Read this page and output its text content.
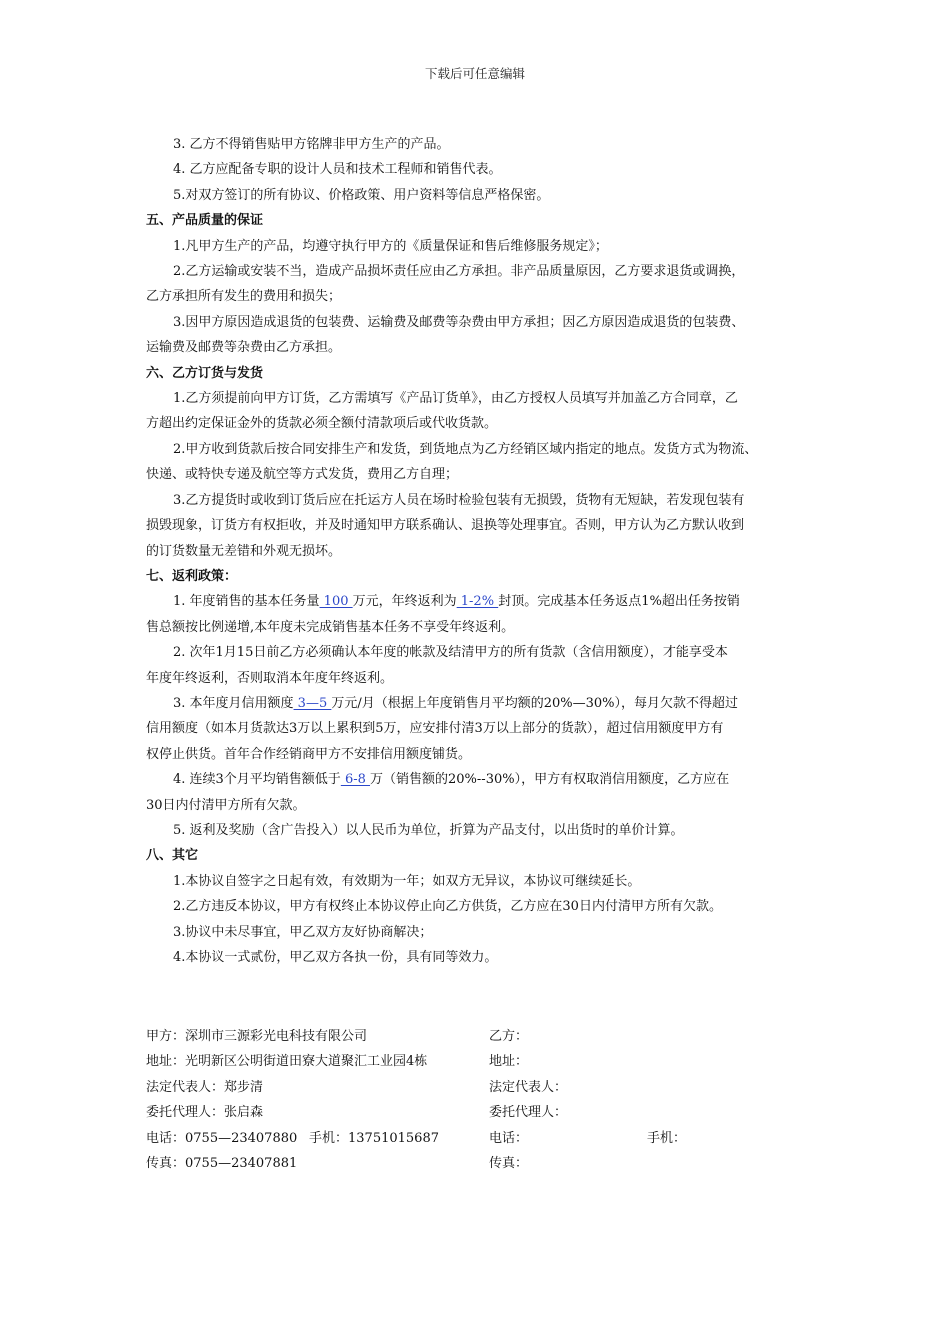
下载后可任意编辑
3. 乙方不得销售贴甲方铭牌非甲方生产的产品。
4. 乙方应配备专职的设计人员和技术工程师和销售代表。
5.对双方签订的所有协议、价格政策、用户资料等信息严格保密。
五、产品质量的保证
1.凡甲方生产的产品，均遵守执行甲方的《质量保证和售后维修服务规定》；
2.乙方运输或安装不当，造成产品损坏责任应由乙方承担。非产品质量原因，乙方要求退货或调换，
乙方承担所有发生的费用和损失；
3.因甲方原因造成退货的包装费、运输费及邮费等杂费由甲方承担；因乙方原因造成退货的包装费、
运输费及邮费等杂费由乙方承担。
六、乙方订货与发货
1.乙方须提前向甲方订货，乙方需填写《产品订货单》，由乙方授权人员填写并加盖乙方合同章，乙
方超出约定保证金外的货款必须全额付清款项后或代收货款。
2.甲方收到货款后按合同安排生产和发货，到货地点为乙方经销区域内指定的地点。发货方式为物流、
快递、或特快专递及航空等方式发货，费用乙方自理；
3.乙方提货时或收到订货后应在托运方人员在场时检验包装有无损毁，货物有无短缺，若发现包装有
损毁现象，订货方有权拒收，并及时通知甲方联系确认、退换等处理事宜。否则，甲方认为乙方默认收到
的订货数量无差错和外观无损坏。
七、返利政策：
1. 年度销售的基本任务量 100 万元，年终返利为 1-2% 封顶。完成基本任务返点1%超出任务按销
售总额按比例递增,本年度未完成销售基本任务不享受年终返利。
2. 次年1月15日前乙方必须确认本年度的帐款及结清甲方的所有货款（含信用额度），才能享受本
年度年终返利，否则取消本年度年终返利。
3. 本年度月信用额度 3—5 万元/月（根据上年度销售月平均额的20%—30%），每月欠款不得超过
信用额度（如本月货款达3万以上累积到5万，应安排付清3万以上部分的货款），超过信用额度甲方有
权停止供货。首年合作经销商甲方不安排信用额度铺货。
4. 连续3个月平均销售额低于 6-8 万（销售额的20%--30%），甲方有权取消信用额度，乙方应在
30日内付清甲方所有欠款。
5. 返利及奖励（含广告投入）以人民币为单位，折算为产品支付，以出货时的单价计算。
八、其它
1.本协议自签字之日起有效，有效期为一年；如双方无异议，本协议可继续延长。
2.乙方违反本协议，甲方有权终止本协议停止向乙方供货，乙方应在30日内付清甲方所有欠款。
3.协议中未尽事宜，甲乙双方友好协商解决；
4.本协议一式贰份，甲乙双方各执一份，具有同等效力。
甲方：深圳市三源彩光电科技有限公司	乙方：
地址：光明新区公明街道田寮大道聚汇工业园4栋	地址：
法定代表人：郑步清	法定代表人：
委托代理人：张启森	委托代理人：
电话：0755—23407880 手机：13751015687	电话：	手机：
传真：0755—23407881	传真：
